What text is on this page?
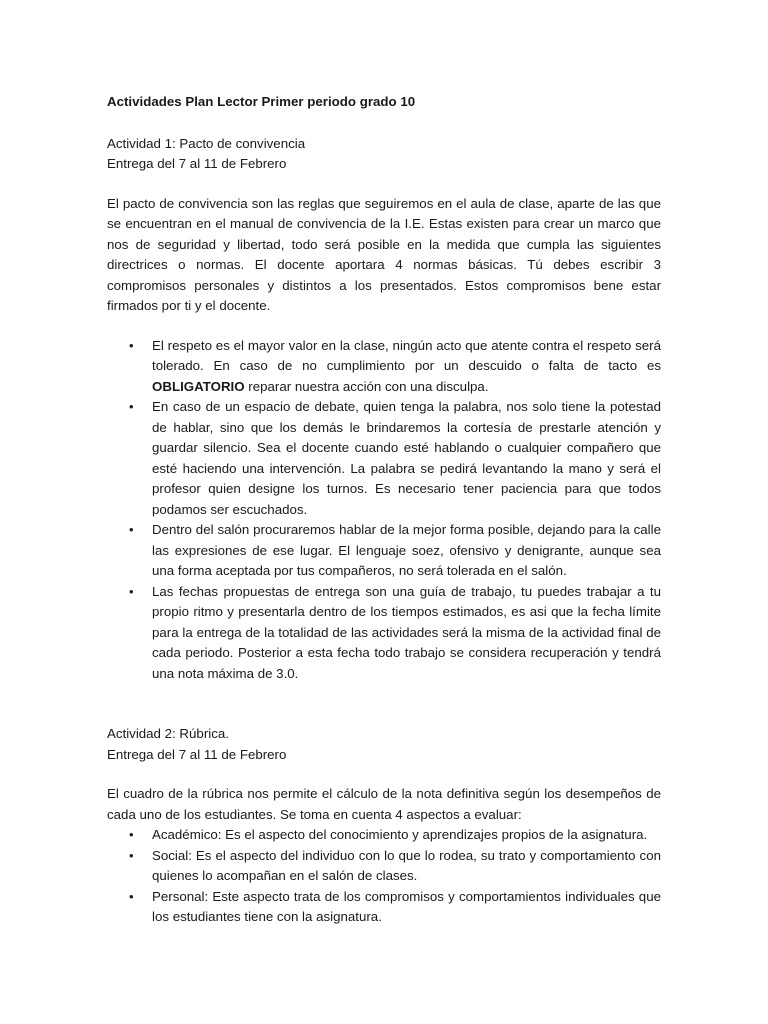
Actividades Plan Lector Primer periodo grado 10

Actividad 1: Pacto de convivencia

Entrega del 7 al 11 de Febrero

El pacto de convivencia son las reglas que seguiremos en el aula de clase, aparte de las que se encuentran en el manual de convivencia de la I.E. Estas existen para crear un marco que nos de seguridad y libertad, todo será posible en la medida que cumpla las siguientes directrices o normas. El docente aportara 4 normas básicas. Tú debes escribir 3 compromisos personales y distintos a los presentados. Estos compromisos bene estar firmados por ti y el docente.

• El respeto es el mayor valor en la clase, ningún acto que atente contra el respeto será tolerado. En caso de no cumplimiento por un descuido o falta de tacto es OBLIGATORIO reparar nuestra acción con una disculpa.
• En caso de un espacio de debate, quien tenga la palabra, nos solo tiene la potestad de hablar, sino que los demás le brindaremos la cortesía de prestarle atención y guardar silencio. Sea el docente cuando esté hablando o cualquier compañero que esté haciendo una intervención. La palabra se pedirá levantando la mano y será el profesor quien designe los turnos. Es necesario tener paciencia para que todos podamos ser escuchados.
• Dentro del salón procuraremos hablar de la mejor forma posible, dejando para la calle las expresiones de ese lugar. El lenguaje soez, ofensivo y denigrante, aunque sea una forma aceptada por tus compañeros, no será tolerada en el salón.
• Las fechas propuestas de entrega son una guía de trabajo, tu puedes trabajar a tu propio ritmo y presentarla dentro de los tiempos estimados, es asi que la fecha límite para la entrega de la totalidad de las actividades será la misma de la actividad final de cada periodo. Posterior a esta fecha todo trabajo se considera recuperación y tendrá una nota máxima de 3.0.

Actividad 2: Rúbrica.

Entrega del 7 al 11 de Febrero

El cuadro de la rúbrica nos permite el cálculo de la nota definitiva según los desempeños de cada uno de los estudiantes. Se toma en cuenta 4 aspectos a evaluar:

• Académico: Es el aspecto del conocimiento y aprendizajes propios de la asignatura.
• Social: Es el aspecto del individuo con lo que lo rodea, su trato y comportamiento con quienes lo acompañan en el salón de clases.
• Personal: Este aspecto trata de los compromisos y comportamientos individuales que los estudiantes tiene con la asignatura.
